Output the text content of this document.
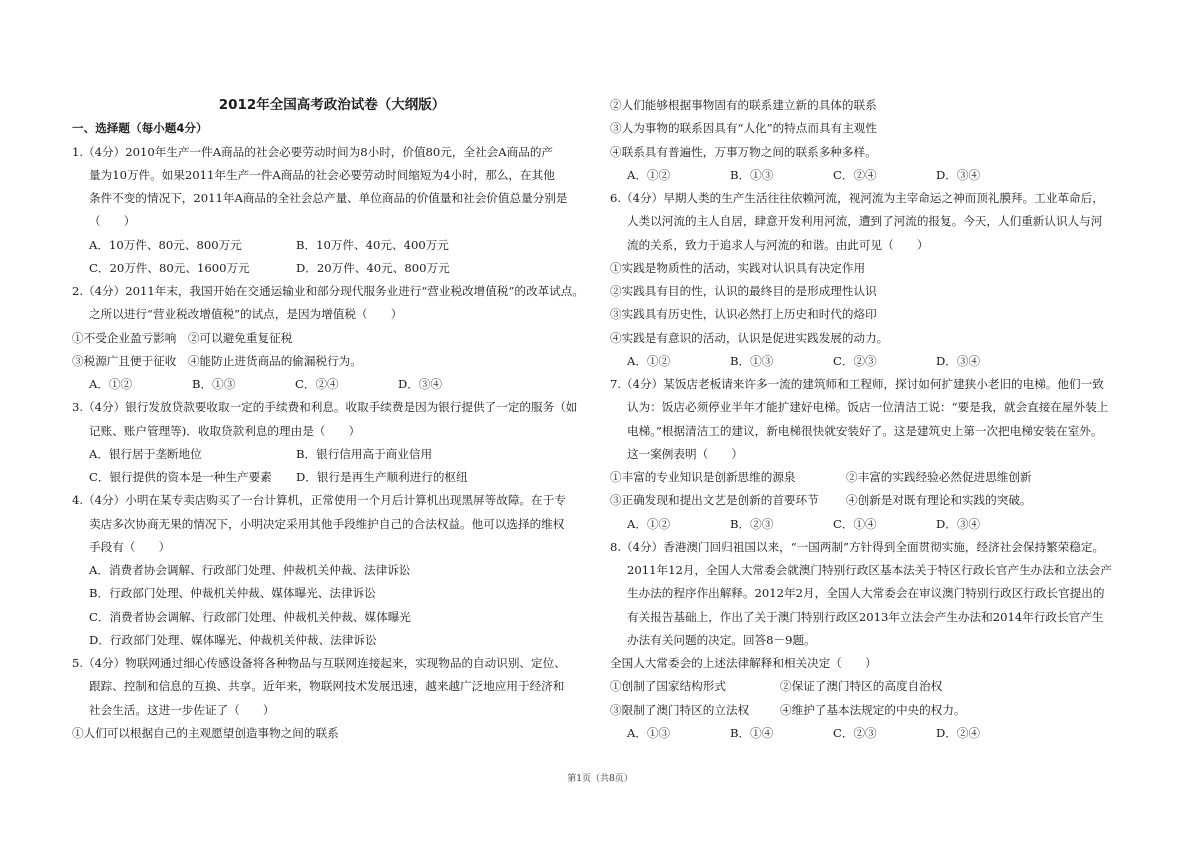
2012年全国高考政治试卷（大纲版）
一、选择题（每小题4分）
1.（4分）2010年生产一件A商品的社会必要劳动时间为8小时，价值80元，全社会A商品的产
量为10万件。如果2011年生产一件A商品的社会必要劳动时间缩短为4小时，那么，在其他
条件不变的情况下，2011年A商品的全社会总产量、单位商品的价值量和社会价值总量分别是
（　　）
A．10万件、80元、800万元	B．10万件、40元、400万元
C．20万件、80元、1600万元	D．20万件、40元、800万元
2.（4分）2011年末，我国开始在交通运输业和部分现代服务业进行“营业税改增值税”的改革试点。
之所以进行“营业税改增值税”的试点，是因为增值税（　　）
①不受企业盈亏影响　②可以避免重复征税
③税源广且便于征收　④能防止进货商品的偷漏税行为。
A．①②	B．①③	C．②④	D．③④
3.（4分）银行发放贷款要收取一定的手续费和利息。收取手续费是因为银行提供了一定的服务（如
记账、账户管理等)．收取贷款利息的理由是（　　）
A．银行居于垄断地位	B．银行信用高于商业信用
C．银行提供的资本是一种生产要素	D．银行是再生产顺利进行的枢纽
4.（4分）小明在某专卖店购买了一台计算机，正常使用一个月后计算机出现黑屏等故障。在于专
卖店多次协商无果的情况下，小明决定采用其他手段维护自己的合法权益。他可以选择的维权
手段有（　　）
A．消费者协会调解、行政部门处理、仲裁机关仲裁、法律诉讼
B．行政部门处理、仲裁机关仲裁、媒体曝光、法律诉讼
C．消费者协会调解、行政部门处理、仲裁机关仲裁、媒体曝光
D．行政部门处理、媒体曝光、仲裁机关仲裁、法律诉讼
5.（4分）物联网通过细心传感设备将各种物品与互联网连接起来，实现物品的自动识别、定位、
跟踪、控制和信息的互换、共享。近年来，物联网技术发展迅速，越来越广泛地应用于经济和
社会生活。这进一步佐证了（　　）
①人们可以根据自己的主观愿望创造事物之间的联系
②人们能够根据事物固有的联系建立新的具体的联系
③人为事物的联系因具有“人化”的特点而具有主观性
④联系具有普遍性，万事万物之间的联系多种多样。
A．①②	B．①③	C．②④	D．③④
6.（4分）早期人类的生产生活往往依赖河流，视河流为主宰命运之神而顶礼膜拜。工业革命后，
人类以河流的主人自居，肆意开发利用河流，遭到了河流的报复。今天，人们重新认识人与河
流的关系，致力于追求人与河流的和谐。由此可见（　　）
①实践是物质性的活动，实践对认识具有决定作用
②实践具有目的性，认识的最终目的是形成理性认识
③实践具有历史性，认识必然打上历史和时代的烙印
④实践是有意识的活动，认识是促进实践发展的动力。
A．①②	B．①③	C．②③	D．③④
7.（4分）某饭店老板请来许多一流的建筑师和工程师，探讨如何扩建狭小老旧的电梯。他们一致
认为：饭店必须停业半年才能扩建好电梯。饭店一位清洁工说：“要是我，就会直接在屋外装上
电梯。”根据清洁工的建议，新电梯很快就安装好了。这是建筑史上第一次把电梯安装在室外。
这一案例表明（　　）
①丰富的专业知识是创新思维的源泉	②丰富的实践经验必然促进思维创新
③正确发现和提出文艺是创新的首要环节	④创新是对既有理论和实践的突破。
A．①②	B．②③	C．①④	D．③④
8.（4分）香港澳门回归祖国以来，“一国两制”方针得到全面贯彻实施，经济社会保持繁荣稳定。
2011年12月，全国人大常委会就澳门特别行政区基本法关于特区行政长官产生办法和立法会产
生办法的程序作出解释。2012年2月，全国人大常委会在审议澳门特别行政区行政长官提出的
有关报告基础上，作出了关于澳门特别行政区2013年立法会产生办法和2014年行政长官产生
办法有关问题的决定。回答8－9题。
全国人大常委会的上述法律解释和相关决定（　　）
①创制了国家结构形式	②保证了澳门特区的高度自治权
③限制了澳门特区的立法权	④维护了基本法规定的中央的权力。
A．①③	B．①④	C．②③	D．②④
第1页（共8页）
